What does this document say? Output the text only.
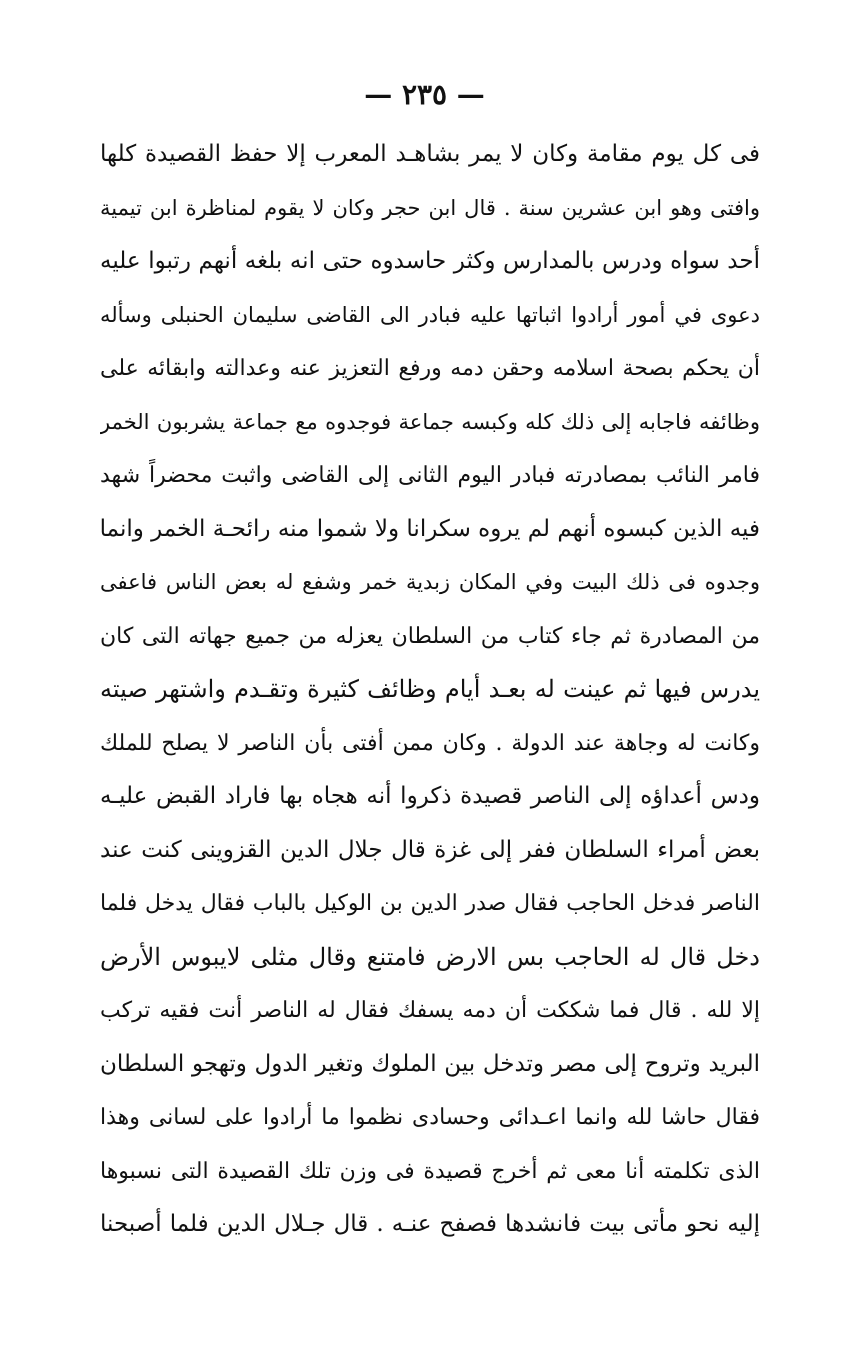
— ٢٣٥ —
فى كل يوم مقامة وكان لا يمر بشاهـد المعرب إلا حفظ القصيدة كلها
وافتى وهو ابن عشرين سنة . قال ابن حجر وكان لا يقوم لمناظرة ابن تيمية
أحد سواه ودرس بالمدارس وكثر حاسدوه حتى انه بلغه أنهم رتبوا عليه
دعوى في أمور أرادوا اثباتها عليه فبادر الى القاضى سليمان الحنبلى وسأله
أن يحكم بصحة اسلامه وحقن دمه ورفع التعزيز عنه وعدالته وابقائه على
وظائفه فاجابه إلى ذلك كله وكبسه جماعة فوجدوه مع جماعة يشربون الخمر
فامر النائب بمصادرته فبادر اليوم الثانى إلى القاضى واثبت محضراً شهد
فيه الذين كبسوه أنهم لم يروه سكرانا ولا شموا منه رائحـة الخمر وانما
وجدوه فى ذلك البيت وفي المكان زبدية خمر وشفع له بعض الناس فاعفى
من المصادرة ثم جاء كتاب من السلطان يعزله من جميع جهاته التى كان
يدرس فيها ثم عينت له بعـد أيام وظائف كثيرة وتقـدم واشتهر صيته
وكانت له وجاهة عند الدولة . وكان ممن أفتى بأن الناصر لا يصلح للملك
ودس أعداؤه إلى الناصر قصيدة ذكروا أنه هجاه بها فاراد القبض عليـه
بعض أمراء السلطان ففر إلى غزة قال جلال الدين القزوينى كنت عند
الناصر فدخل الحاجب فقال صدر الدين بن الوكيل بالباب فقال يدخل فلما
دخل قال له الحاجب بس الارض فامتنع وقال مثلى لايبوس الأرض
إلا لله . قال فما شككت أن دمه يسفك فقال له الناصر أنت فقيه تركب
البريد وتروح إلى مصر وتدخل بين الملوك وتغير الدول وتهجو السلطان
فقال حاشا لله وانما اعـدائى وحسادى نظموا ما أرادوا على لسانى وهذا
الذى تكلمته أنا معى ثم أخرج قصيدة فى وزن تلك القصيدة التى نسبوها
إليه نحو مأتى بيت فانشدها فصفح عنـه . قال جـلال الدين فلما أصبحنا
